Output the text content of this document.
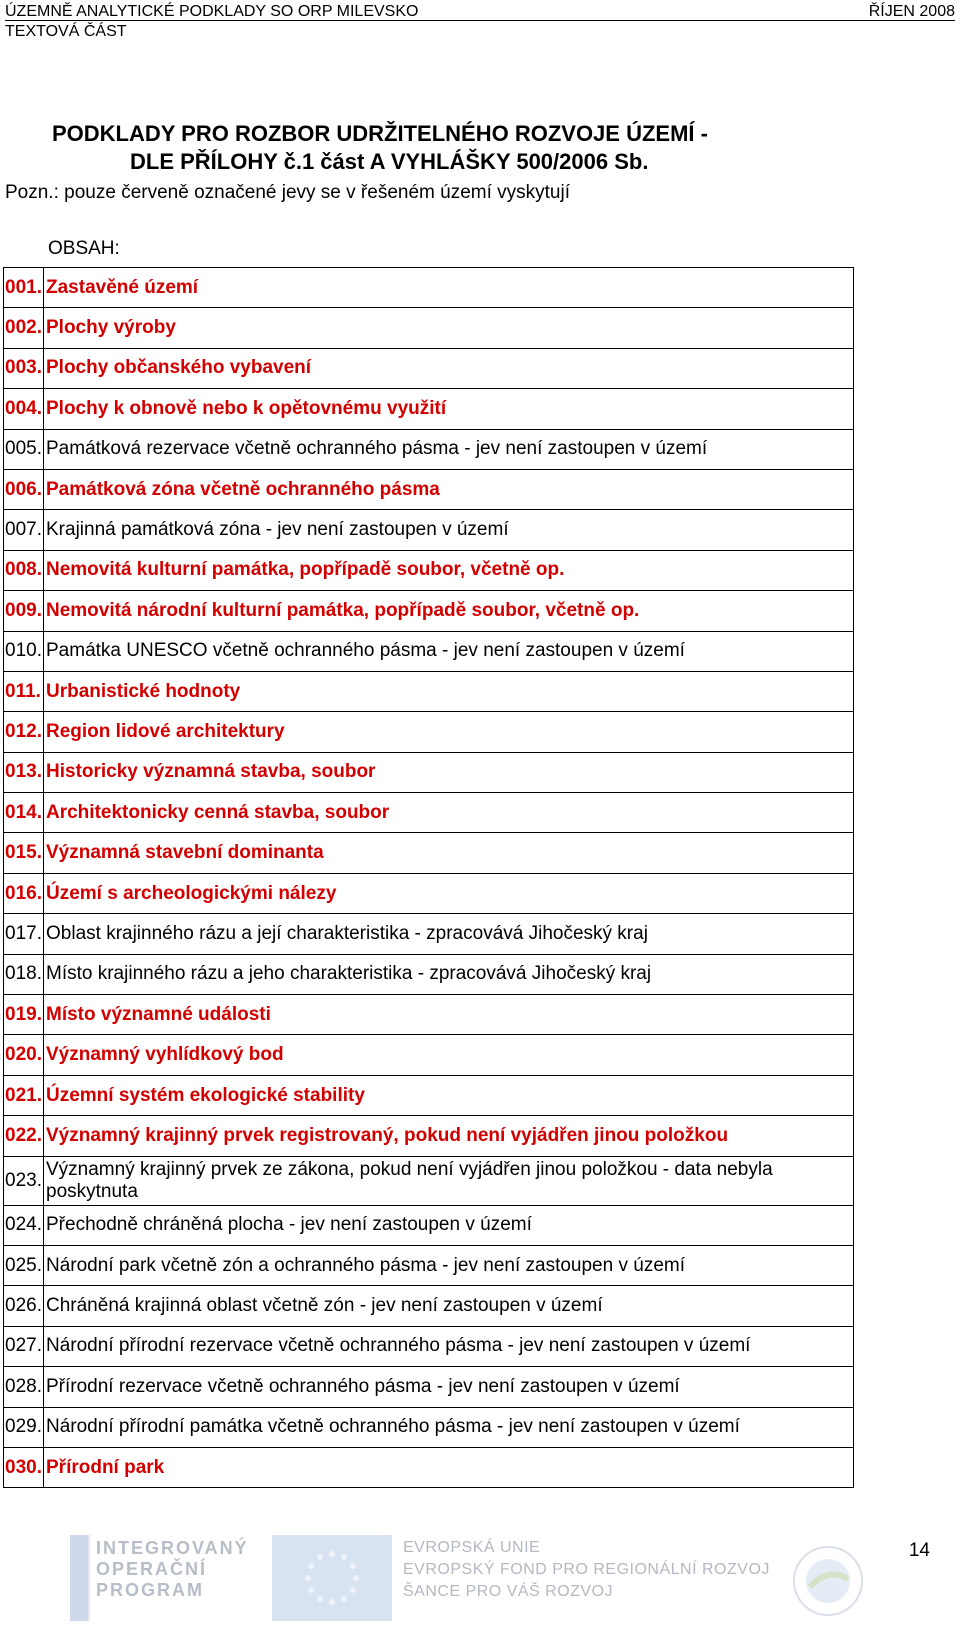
ÚZEMNĚ ANALYTICKÉ PODKLADY SO ORP MILEVSKO	ŘÍJEN 2008
TEXTOVÁ ČÁST
PODKLADY PRO ROZBOR UDRŽITELNÉHO ROZVOJE ÚZEMÍ -
DLE PŘÍLOHY č.1 část A VYHLÁŠKY 500/2006 Sb.
Pozn.: pouze červeně označené jevy se v řešeném území vyskytují
OBSAH:
001.	Zastavěné území
002.	Plochy výroby
003.	Plochy občanského vybavení
004.	Plochy k obnově nebo k opětovnému využití
005.	Památková rezervace včetně ochranného pásma - jev není zastoupen v území
006.	Památková zóna včetně ochranného pásma
007.	Krajinná památková zóna - jev není zastoupen v území
008.	Nemovitá kulturní památka, popřípadě soubor, včetně op.
009.	Nemovitá národní kulturní památka, popřípadě soubor, včetně op.
010.	Památka UNESCO včetně ochranného pásma - jev není zastoupen v území
011.	Urbanistické hodnoty
012.	Region lidové architektury
013.	Historicky významná stavba, soubor
014.	Architektonicky cenná stavba, soubor
015.	Významná stavební dominanta
016.	Území s archeologickými nálezy
017.	Oblast krajinného rázu a její charakteristika - zpracovává Jihočeský kraj
018.	Místo krajinného rázu a jeho charakteristika - zpracovává Jihočeský kraj
019.	Místo významné události
020.	Významný vyhlídkový bod
021.	Územní systém ekologické stability
022.	Významný krajinný prvek registrovaný, pokud není vyjádřen jinou položkou
023.	Významný krajinný prvek ze zákona, pokud není vyjádřen jinou položkou - data nebyla poskytnuta
024.	Přechodně chráněná plocha - jev není zastoupen v území
025.	Národní park včetně zón a ochranného pásma - jev není zastoupen v území
026.	Chráněná krajinná oblast včetně zón - jev není zastoupen v území
027.	Národní přírodní rezervace včetně ochranného pásma - jev není zastoupen v území
028.	Přírodní rezervace včetně ochranného pásma - jev není zastoupen v území
029.	Národní přírodní památka včetně ochranného pásma - jev není zastoupen v území
030.	Přírodní park
14
INTEGROVANÝ
OPERAČNÍ
PROGRAM
EVROPSKÁ UNIE
EVROPSKÝ FOND PRO REGIONÁLNÍ ROZVOJ
ŠANCE PRO VÁŠ ROZVOJ
